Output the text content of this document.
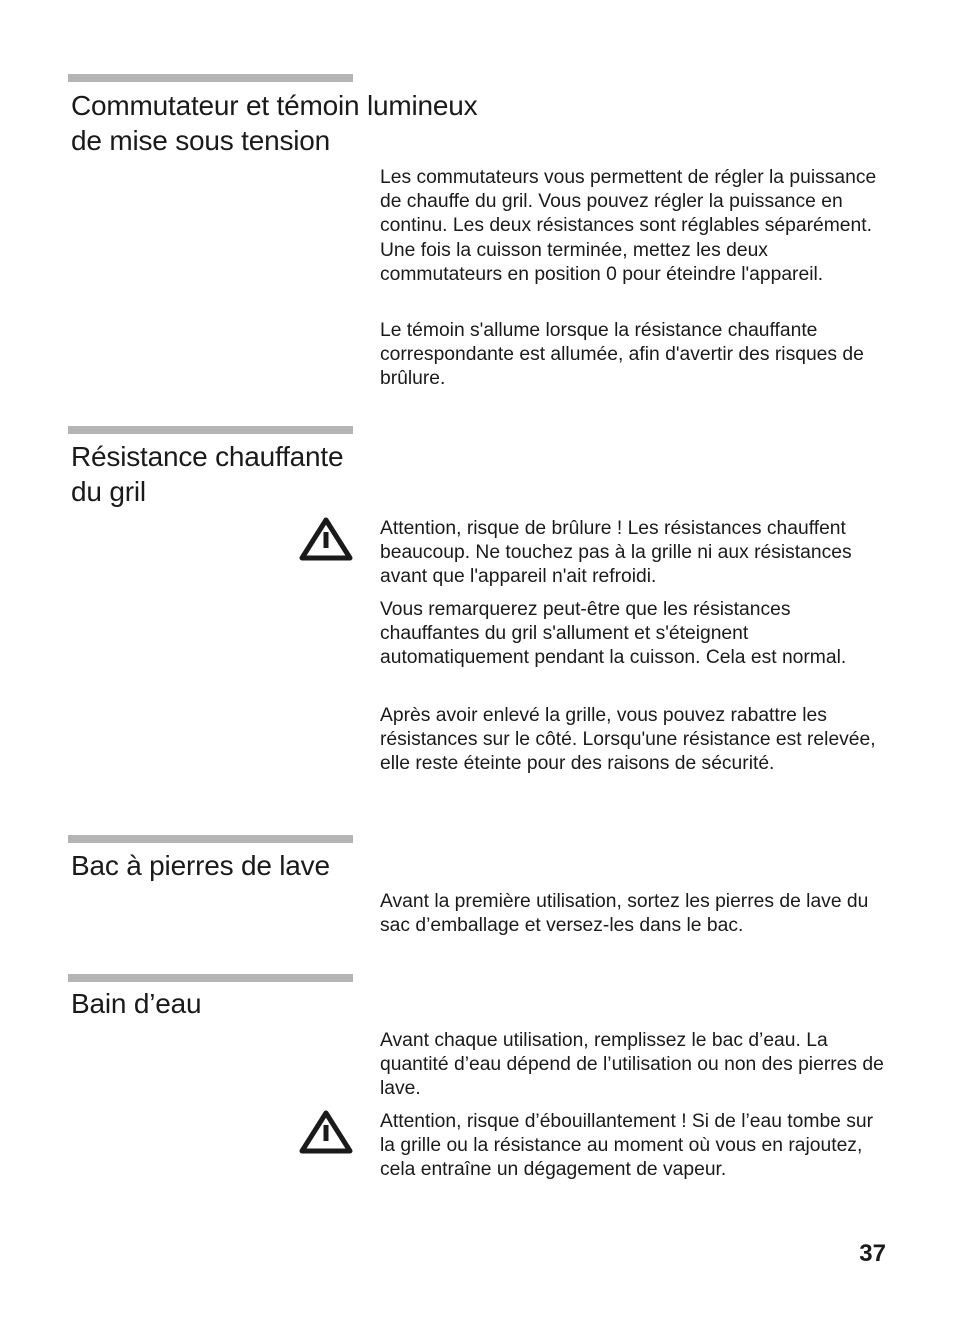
Commutateur et témoin lumineux
de mise sous tension

Les commutateurs vous permettent de régler la puissance de chauffe du gril. Vous pouvez régler la puissance en continu. Les deux résistances sont réglables séparément. Une fois la cuisson terminée, mettez les deux commutateurs en position 0 pour éteindre l'appareil.

Le témoin s'allume lorsque la résistance chauffante correspondante est allumée, afin d'avertir des risques de brûlure.

Résistance chauffante
du gril

Attention, risque de brûlure ! Les résistances chauffent beaucoup. Ne touchez pas à la grille ni aux résistances avant que l'appareil n'ait refroidi.

Vous remarquerez peut-être que les résistances chauffantes du gril s'allument et s'éteignent automatiquement pendant la cuisson. Cela est normal.

Après avoir enlevé la grille, vous pouvez rabattre les résistances sur le côté. Lorsqu'une résistance est relevée, elle reste éteinte pour des raisons de sécurité.

Bac à pierres de lave

Avant la première utilisation, sortez les pierres de lave du sac d’emballage et versez-les dans le bac.

Bain d’eau

Avant chaque utilisation, remplissez le bac d’eau. La quantité d’eau dépend de l’utilisation ou non des pierres de lave.

Attention, risque d’ébouillantement ! Si de l’eau tombe sur la grille ou la résistance au moment où vous en rajoutez, cela entraîne un dégagement de vapeur.

37
